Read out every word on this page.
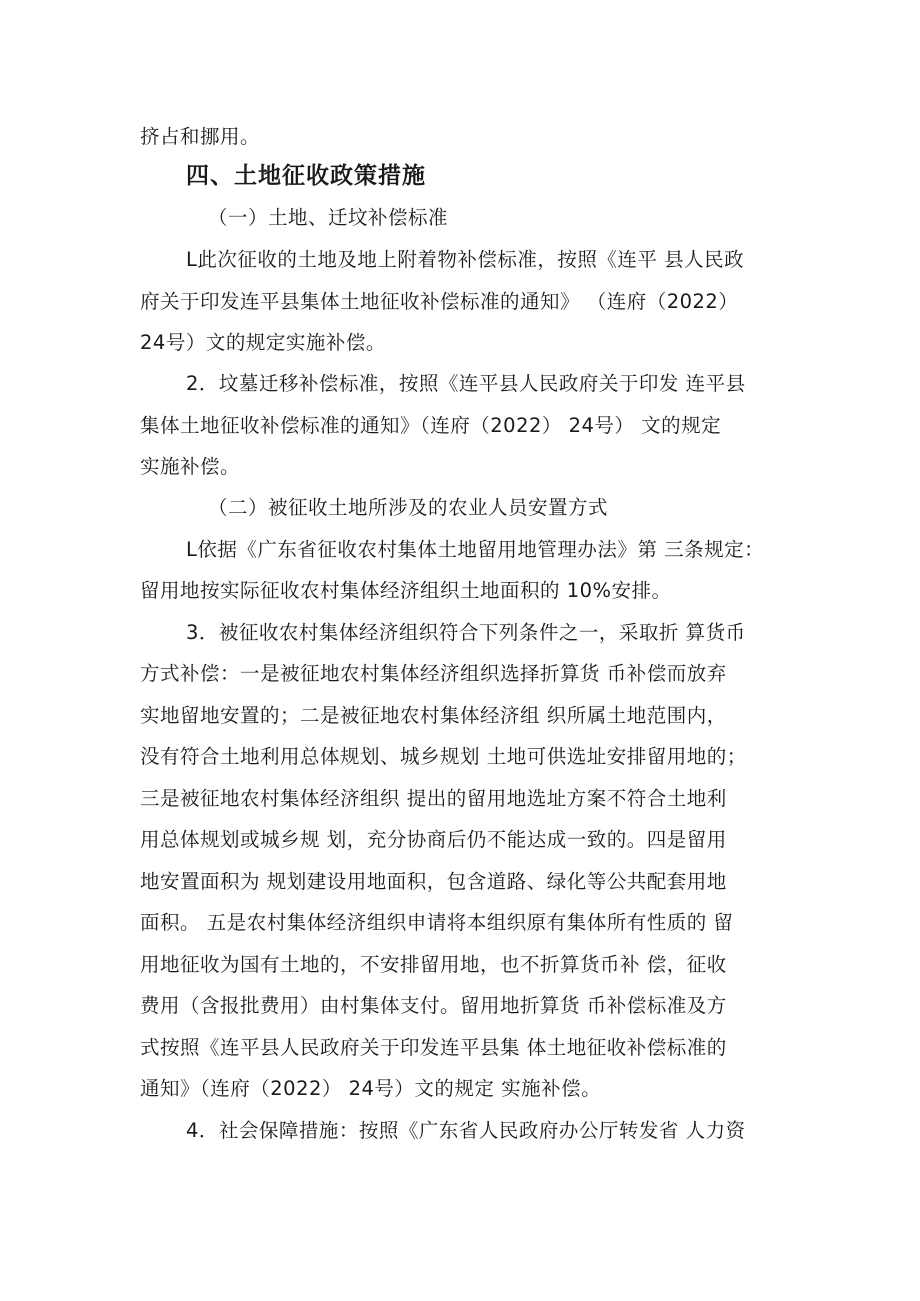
挤占和挪用。
四、土地征收政策措施
（一）土地、迁坟补偿标准
L此次征收的土地及地上附着物补偿标准，按照《连平 县人民政
府关于印发连平县集体土地征收补偿标准的通知》 （连府（2022）
24号）文的规定实施补偿。
2．坟墓迁移补偿标准，按照《连平县人民政府关于印发 连平县
集体土地征收补偿标准的通知》（连府（2022） 24号） 文的规定
实施补偿。
（二）被征收土地所涉及的农业人员安置方式
L依据《广东省征收农村集体土地留用地管理办法》第 三条规定：
留用地按实际征收农村集体经济组织土地面积的 10%安排。
3．被征收农村集体经济组织符合下列条件之一，采取折 算货币
方式补偿：一是被征地农村集体经济组织选择折算货 币补偿而放弃
实地留地安置的；二是被征地农村集体经济组 织所属土地范围内，
没有符合土地利用总体规划、城乡规划 土地可供选址安排留用地的；
三是被征地农村集体经济组织 提出的留用地选址方案不符合土地利
用总体规划或城乡规 划，充分协商后仍不能达成一致的。四是留用
地安置面积为 规划建设用地面积，包含道路、绿化等公共配套用地
面积。 五是农村集体经济组织申请将本组织原有集体所有性质的 留
用地征收为国有土地的，不安排留用地，也不折算货币补 偿，征收
费用（含报批费用）由村集体支付。留用地折算货 币补偿标准及方
式按照《连平县人民政府关于印发连平县集 体土地征收补偿标准的
通知》（连府（2022） 24号）文的规定 实施补偿。
4．社会保障措施：按照《广东省人民政府办公厅转发省 人力资
